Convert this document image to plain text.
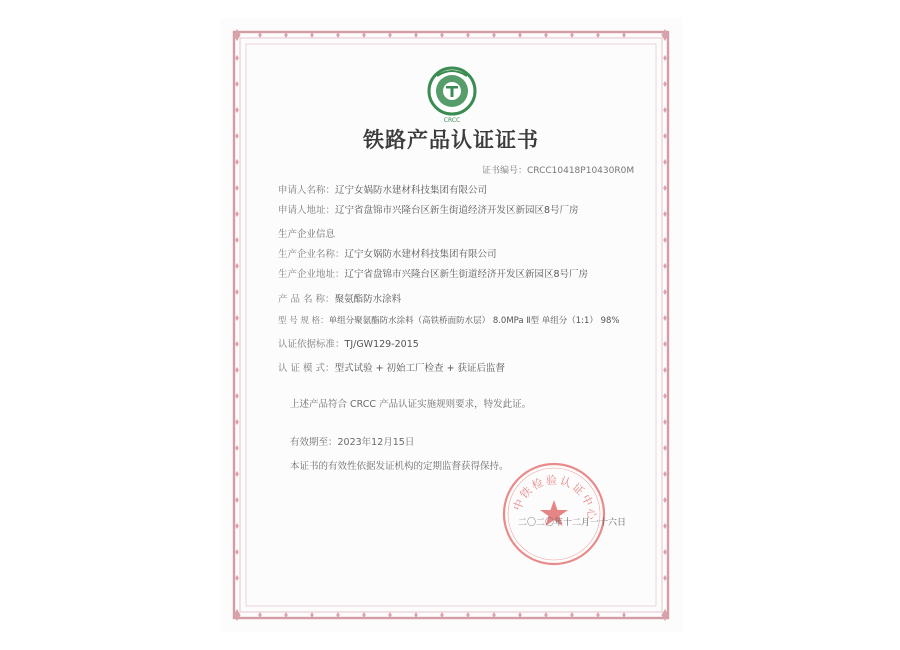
CRCC
铁路产品认证证书
证书编号：CRCC10418P10430R0M
申请人名称：辽宁女娲防水建材科技集团有限公司
申请人地址：辽宁省盘锦市兴隆台区新生街道经济开发区新园区8号厂房
生产企业信息
生产企业名称：辽宁女娲防水建材科技集团有限公司
生产企业地址：辽宁省盘锦市兴隆台区新生街道经济开发区新园区8号厂房
产 品 名 称：聚氨酯防水涂料
型 号 规 格：单组分聚氨酯防水涂料（高铁桥面防水层） 8.0MPa Ⅱ型 单组分（1:1） 98%
认证依据标准：TJ/GW129-2015
认 证 模 式：型式试验 + 初始工厂检查 + 获证后监督
上述产品符合 CRCC 产品认证实施规则要求，特发此证。
有效期至：2023年12月15日
本证书的有效性依据发证机构的定期监督获得保持。
中铁检验认证中心
二〇二〇年十二月一十六日
